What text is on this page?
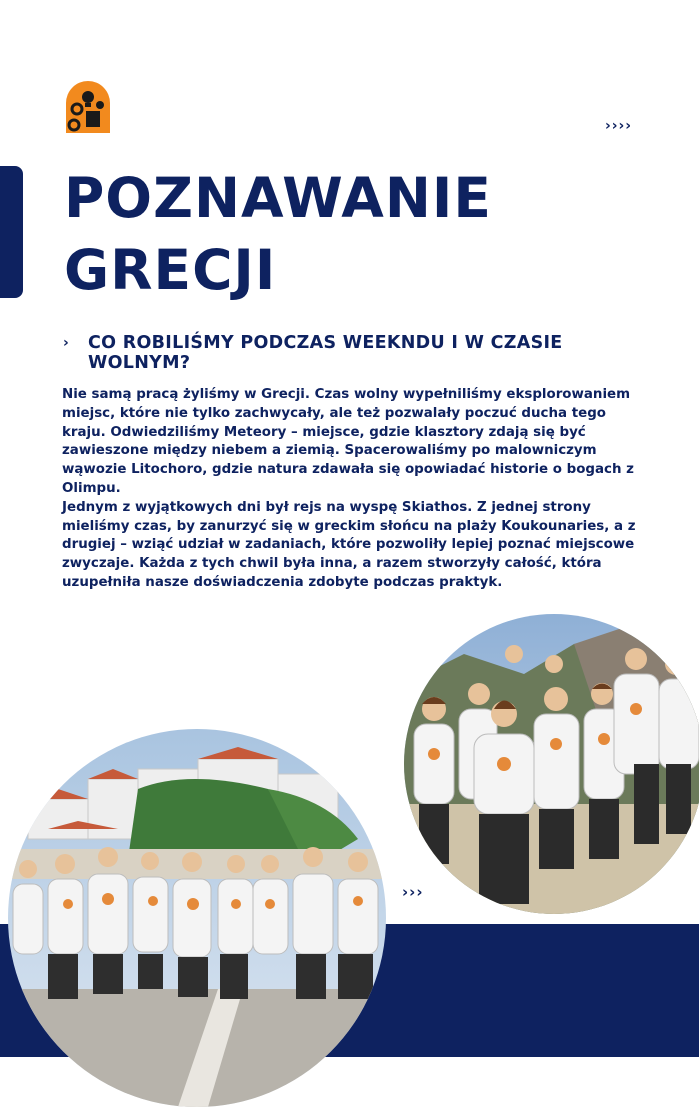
››››
POZNAWANIE
GRECJI
› CO ROBILIŚMY PODCZAS WEEKNDU I W CZASIE WOLNYM?

Nie samą pracą żyliśmy w Grecji. Czas wolny wypełniliśmy eksplorowaniem miejsc, które nie tylko zachwycały, ale też pozwalały poczuć ducha tego kraju. Odwiedziliśmy Meteory – miejsce, gdzie klasztory zdają się być zawieszone między niebem a ziemią. Spacerowaliśmy po malowniczym wąwozie Litochoro, gdzie natura zdawała się opowiadać historie o bogach z Olimpu.

Jednym z wyjątkowych dni był rejs na wyspę Skiathos. Z jednej strony mieliśmy czas, by zanurzyć się w greckim słońcu na plaży Koukounaries, a z drugiej – wziąć udział w zadaniach, które pozwoliły lepiej poznać miejscowe zwyczaje. Każda z tych chwil była inna, a razem stworzyły całość, która uzupełniła nasze doświadczenia zdobyte podczas praktyk.

›››
